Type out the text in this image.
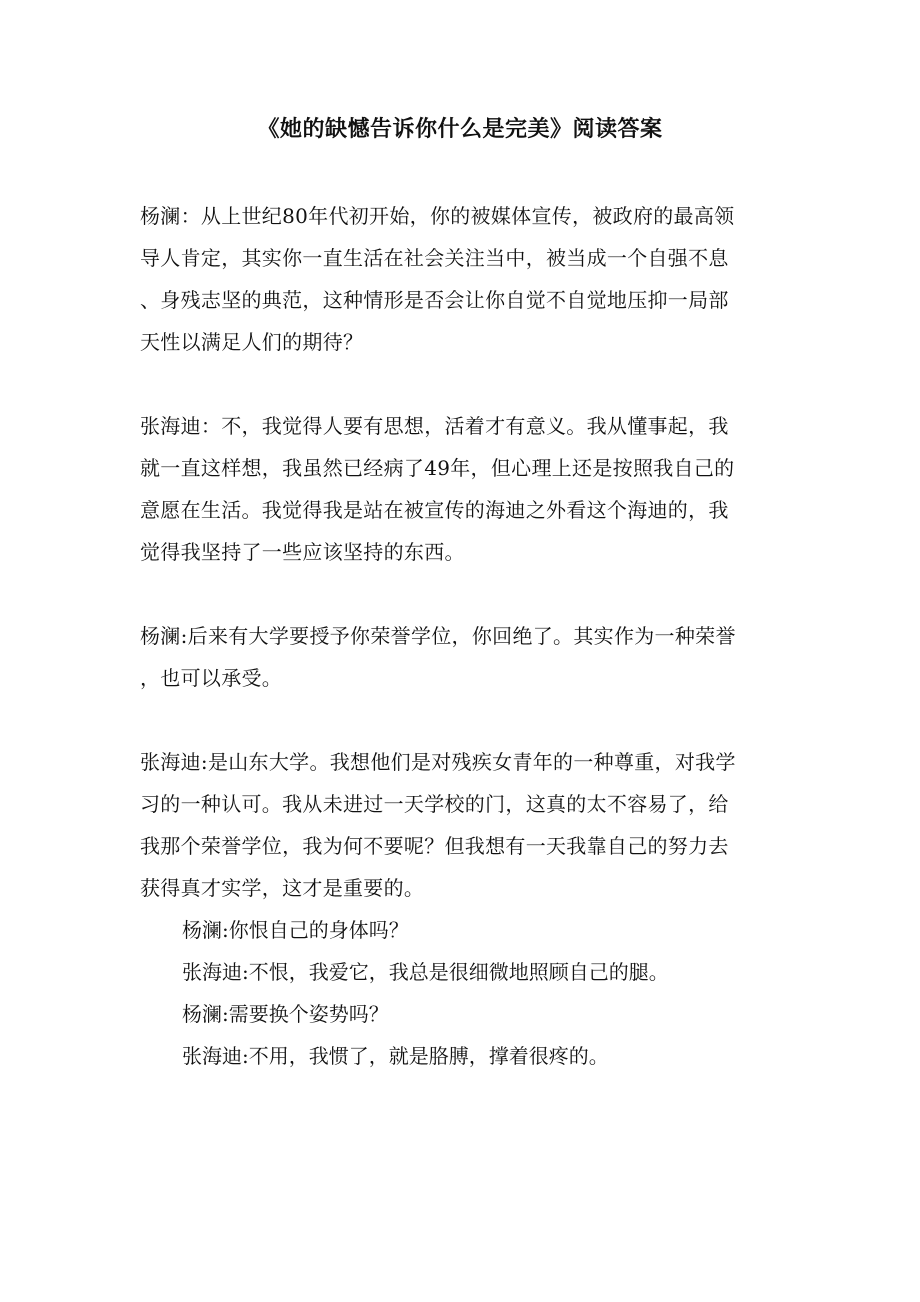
《她的缺憾告诉你什么是完美》阅读答案

杨澜：从上世纪80年代初开始，你的被媒体宣传，被政府的最高领

导人肯定，其实你一直生活在社会关注当中，被当成一个自强不息

、身残志坚的典范，这种情形是否会让你自觉不自觉地压抑一局部

天性以满足人们的期待？

张海迪：不，我觉得人要有思想，活着才有意义。我从懂事起，我

就一直这样想，我虽然已经病了49年，但心理上还是按照我自己的

意愿在生活。我觉得我是站在被宣传的海迪之外看这个海迪的，我

觉得我坚持了一些应该坚持的东西。

杨澜:后来有大学要授予你荣誉学位，你回绝了。其实作为一种荣誉

，也可以承受。

张海迪:是山东大学。我想他们是对残疾女青年的一种尊重，对我学

习的一种认可。我从未进过一天学校的门，这真的太不容易了，给

我那个荣誉学位，我为何不要呢？但我想有一天我靠自己的努力去

获得真才实学，这才是重要的。

杨澜:你恨自己的身体吗？

张海迪:不恨，我爱它，我总是很细微地照顾自己的腿。

杨澜:需要换个姿势吗？

张海迪:不用，我惯了，就是胳膊，撑着很疼的。
